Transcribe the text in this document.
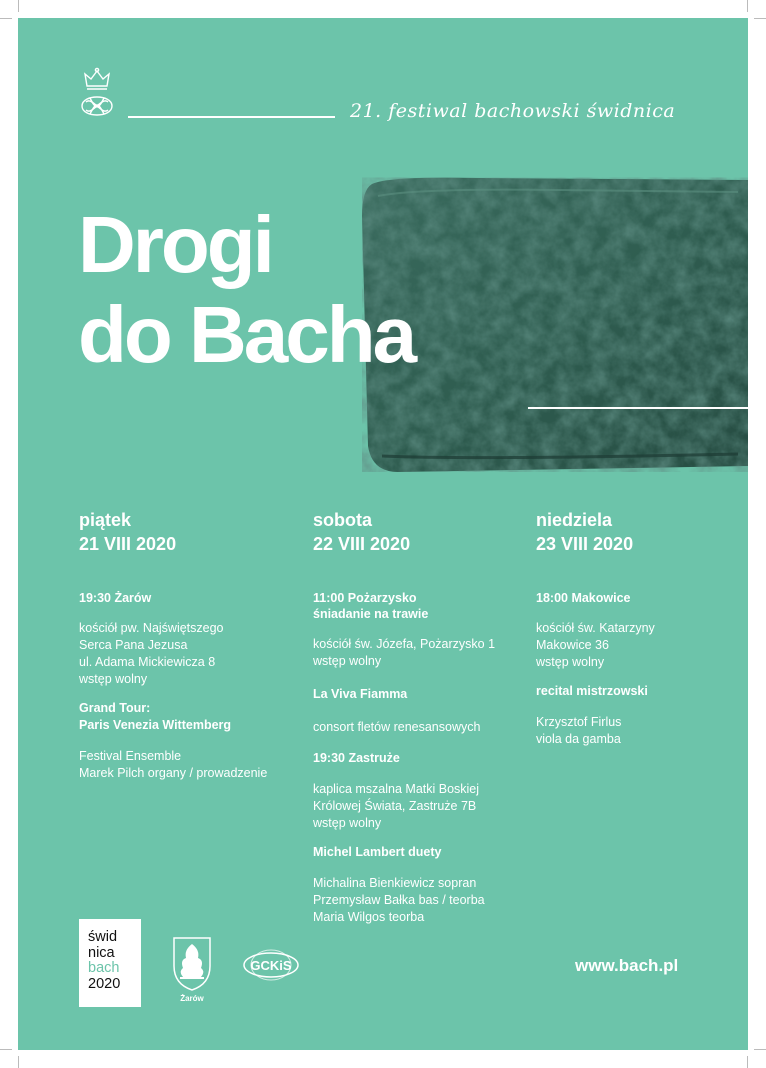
21. festiwal bachowski świdnica
Drogi
do Bacha
piątek
21 VIII 2020
19:30 Żarów
kościół pw. Najświętszego
Serca Pana Jezusa
ul. Adama Mickiewicza 8
wstęp wolny
Grand Tour:
Paris Venezia Wittemberg
Festival Ensemble
Marek Pilch organy / prowadzenie
sobota
22 VIII 2020
11:00 Pożarzysko
śniadanie na trawie
kościół św. Józefa, Pożarzysko 1
wstęp wolny
La Viva Fiamma
consort fletów renesansowych
19:30 Zastruże
kaplica mszalna Matki Boskiej
Królowej Świata, Zastruże 7B
wstęp wolny
Michel Lambert duety
Michalina Bienkiewicz sopran
Przemysław Bałka bas / teorba
Maria Wilgos teorba
niedziela
23 VIII 2020
18:00 Makowice
kościół św. Katarzyny
Makowice 36
wstęp wolny
recital mistrzowski
Krzysztof Firlus
viola da gamba
świd
nica
bach
2020
Żarów
GCKiS	www.bach.pl
